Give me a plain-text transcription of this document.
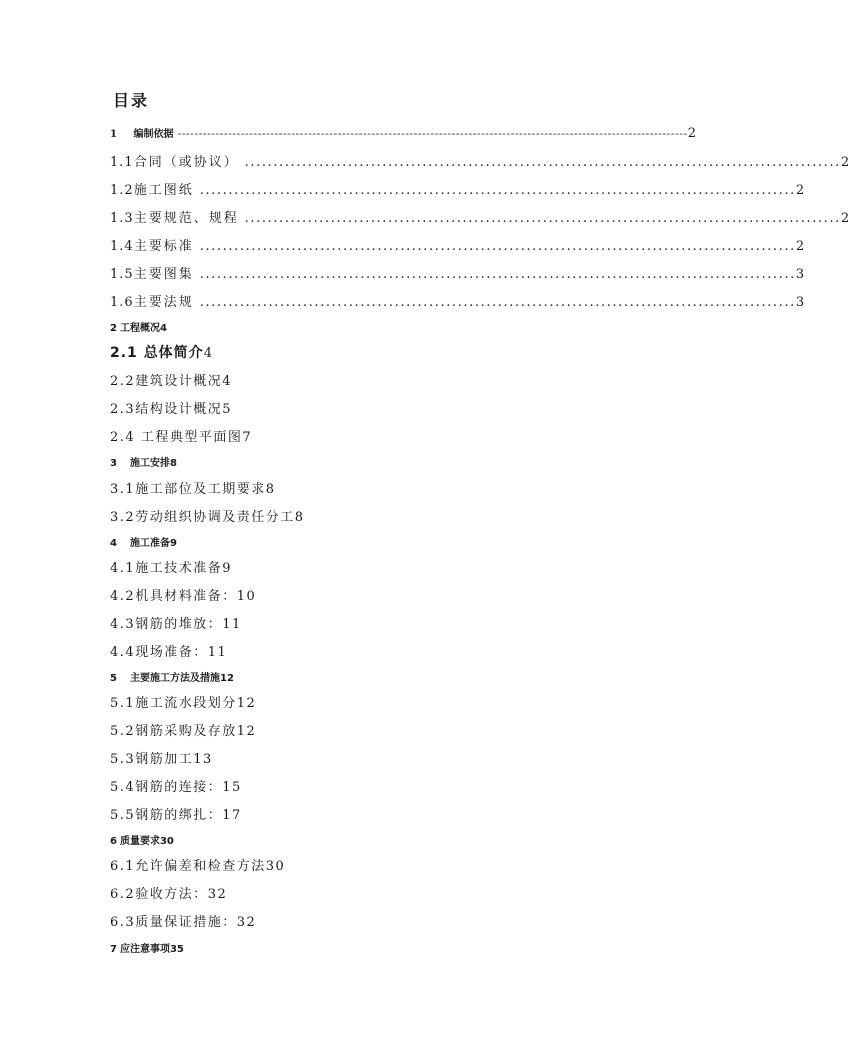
目录
1	编制依据 ------------------------------------------------------------------------------------------------------------------------- 2
1.1 合同（或协议） ........................................................................................................ 2
1.2 施工图纸 ........................................................................................................ 2
1.3 主要规范、规程 ........................................................................................................ 2
1.4 主要标准 ........................................................................................................ 2
1.5 主要图集 ........................................................................................................ 3
1.6 主要法规 ........................................................................................................ 3
2 工程概况4
2.1 总体简介4
2.2建筑设计概况4
2.3结构设计概况5
2.4 工程典型平面图7
3 施工安排8
3.1施工部位及工期要求8
3.2劳动组织协调及责任分工8
4 施工准备9
4.1施工技术准备9
4.2机具材料准备：10
4.3钢筋的堆放：11
4.4现场准备：11
5 主要施工方法及措施12
5.1施工流水段划分12
5.2钢筋采购及存放12
5.3钢筋加工13
5.4钢筋的连接：15
5.5钢筋的绑扎：17
6 质量要求30
6.1允许偏差和检查方法30
6.2验收方法：32
6.3质量保证措施：32
7 应注意事项35
